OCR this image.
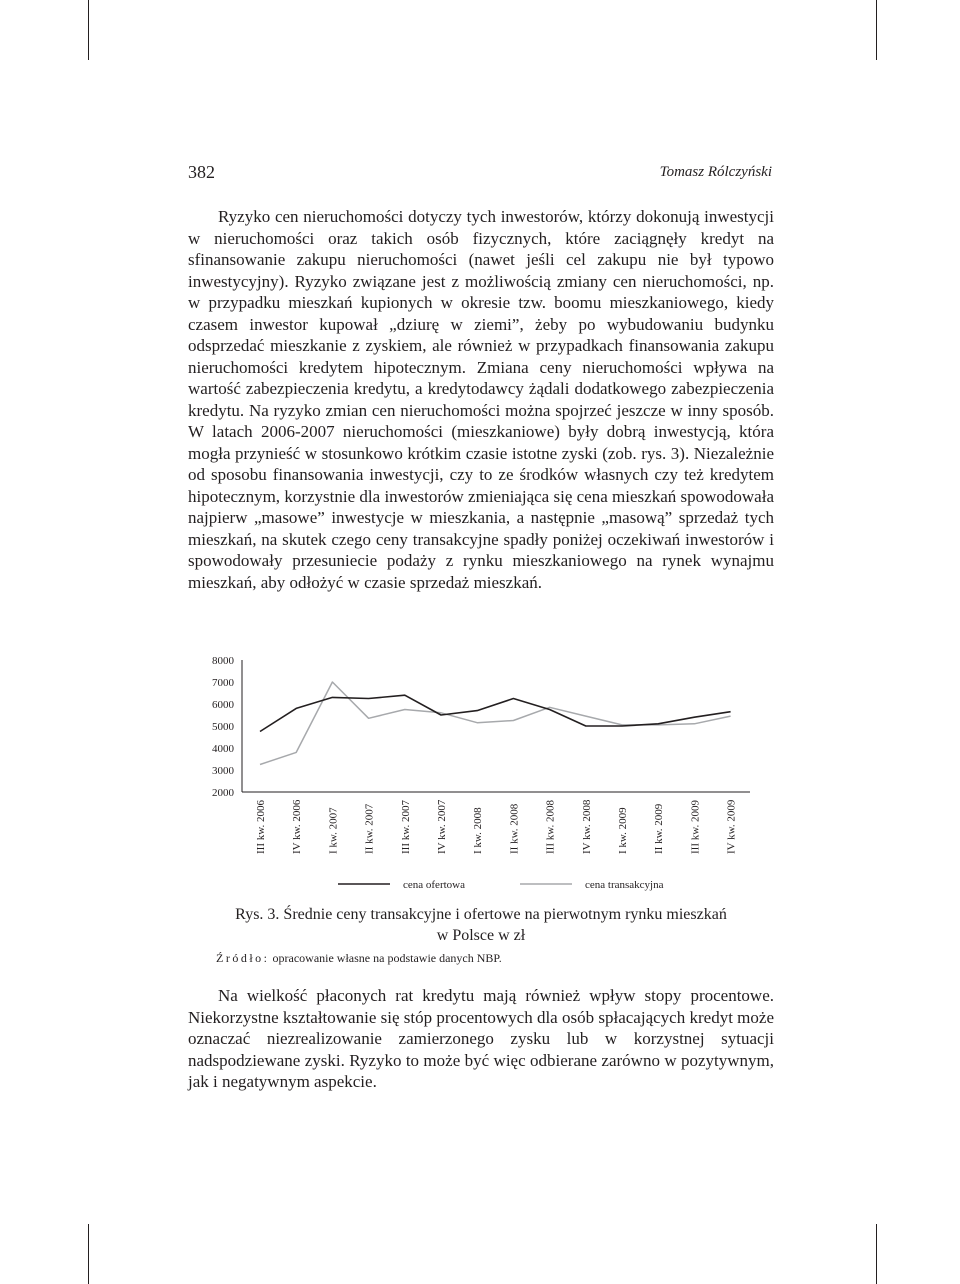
382	Tomasz Rólczyński

Ryzyko cen nieruchomości dotyczy tych inwestorów, którzy dokonują inwestycji w nieruchomości oraz takich osób fizycznych, które zaciągnęły kredyt na sfinansowanie zakupu nieruchomości (nawet jeśli cel zakupu nie był typowo inwestycyjny). Ryzyko związane jest z możliwością zmiany cen nieruchomości, np. w przypadku mieszkań kupionych w okresie tzw. boomu mieszkaniowego, kiedy czasem inwestor kupował „dziurę w ziemi”, żeby po wybudowaniu budynku odsprzedać mieszkanie z zyskiem, ale również w przypadkach finansowania zakupu nieruchomości kredytem hipotecznym. Zmiana ceny nieruchomości wpływa na wartość zabezpieczenia kredytu, a kredytodawcy żądali dodatkowego zabezpieczenia kredytu. Na ryzyko zmian cen nieruchomości można spojrzeć jeszcze w inny sposób. W latach 2006-2007 nieruchomości (mieszkaniowe) były dobrą inwestycją, która mogła przynieść w stosunkowo krótkim czasie istotne zyski (zob. rys. 3). Niezależnie od sposobu finansowania inwestycji, czy to ze środków własnych czy też kredytem hipotecznym, korzystnie dla inwestorów zmieniająca się cena mieszkań spowodowała najpierw „masowe” inwestycje w mieszkania, a następnie „masową” sprzedaż tych mieszkań, na skutek czego ceny transakcyjne spadły poniżej oczekiwań inwestorów i spowodowały przesuniecie podaży z rynku mieszkaniowego na rynek wynajmu mieszkań, aby odłożyć w czasie sprzedaż mieszkań.

2000
3000
4000
5000
6000
7000
8000
III kw. 2006 IV kw. 2006 I kw. 2007 II kw. 2007 III kw. 2007 IV kw. 2007 I kw. 2008 II kw. 2008 III kw. 2008 IV kw. 2008 I kw. 2009 II kw. 2009 III kw. 2009 IV kw. 2009
cena ofertowa	cena transakcyjna
Rys. 3. Średnie ceny transakcyjne i ofertowe na pierwotnym rynku mieszkań
w Polsce w zł
Źródło: opracowanie własne na podstawie danych NBP.

Na wielkość płaconych rat kredytu mają również wpływ stopy procentowe. Niekorzystne kształtowanie się stóp procentowych dla osób spłacających kredyt może oznaczać niezrealizowanie zamierzonego zysku lub w korzystnej sytuacji nadspodziewane zyski. Ryzyko to może być więc odbierane zarówno w pozytywnym, jak i negatywnym aspekcie.
